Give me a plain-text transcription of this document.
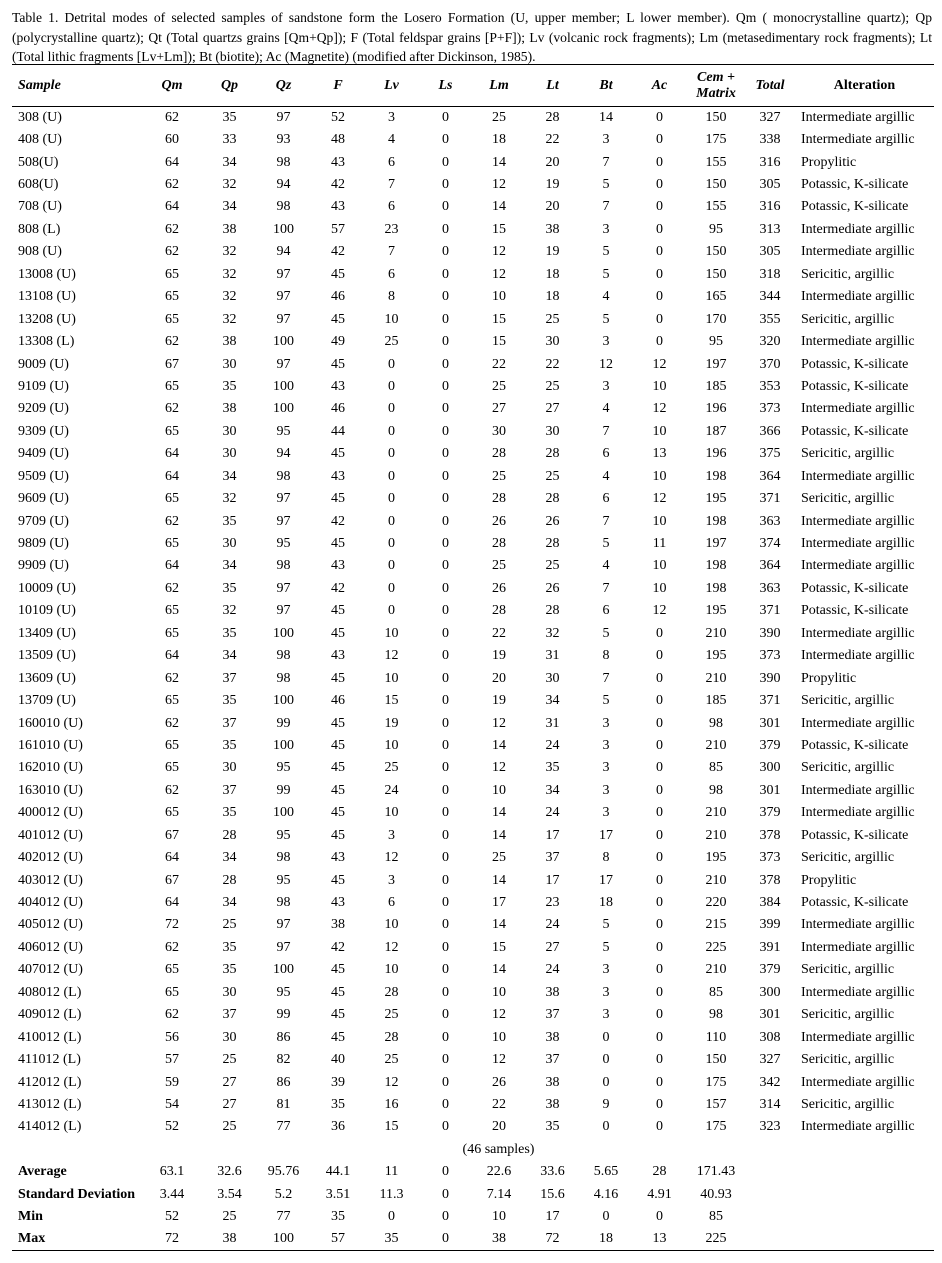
Table 1. Detrital modes of selected samples of sandstone form the Losero Formation (U, upper member; L lower member). Qm ( monocrystalline quartz); Qp (polycrystalline quartz); Qt (Total quartzs grains [Qm+Qp]); F (Total feldspar grains [P+F]); Lv (volcanic rock fragments); Lm (metasedimentary rock fragments); Lt (Total lithic fragments [Lv+Lm]); Bt (biotite); Ac (Magnetite) (modified after Dickinson, 1985).
Sample	Qm	Qp	Qz	F	Lv	Ls	Lm	Lt	Bt	Ac	Cem + Matrix	Total	Alteration
308 (U)	62	35	97	52	3	0	25	28	14	0	150	327	Intermediate argillic
408 (U)	60	33	93	48	4	0	18	22	3	0	175	338	Intermediate argillic
508(U)	64	34	98	43	6	0	14	20	7	0	155	316	Propylitic
608(U)	62	32	94	42	7	0	12	19	5	0	150	305	Potassic, K-silicate
708 (U)	64	34	98	43	6	0	14	20	7	0	155	316	Potassic, K-silicate
808 (L)	62	38	100	57	23	0	15	38	3	0	95	313	Intermediate argillic
908 (U)	62	32	94	42	7	0	12	19	5	0	150	305	Intermediate argillic
13008 (U)	65	32	97	45	6	0	12	18	5	0	150	318	Sericitic, argillic
13108 (U)	65	32	97	46	8	0	10	18	4	0	165	344	Intermediate argillic
13208 (U)	65	32	97	45	10	0	15	25	5	0	170	355	Sericitic, argillic
13308 (L)	62	38	100	49	25	0	15	30	3	0	95	320	Intermediate argillic
9009 (U)	67	30	97	45	0	0	22	22	12	12	197	370	Potassic, K-silicate
9109 (U)	65	35	100	43	0	0	25	25	3	10	185	353	Potassic, K-silicate
9209 (U)	62	38	100	46	0	0	27	27	4	12	196	373	Intermediate argillic
9309 (U)	65	30	95	44	0	0	30	30	7	10	187	366	Potassic, K-silicate
9409 (U)	64	30	94	45	0	0	28	28	6	13	196	375	Sericitic, argillic
9509 (U)	64	34	98	43	0	0	25	25	4	10	198	364	Intermediate argillic
9609 (U)	65	32	97	45	0	0	28	28	6	12	195	371	Sericitic, argillic
9709 (U)	62	35	97	42	0	0	26	26	7	10	198	363	Intermediate argillic
9809 (U)	65	30	95	45	0	0	28	28	5	11	197	374	Intermediate argillic
9909 (U)	64	34	98	43	0	0	25	25	4	10	198	364	Intermediate argillic
10009 (U)	62	35	97	42	0	0	26	26	7	10	198	363	Potassic, K-silicate
10109 (U)	65	32	97	45	0	0	28	28	6	12	195	371	Potassic, K-silicate
13409 (U)	65	35	100	45	10	0	22	32	5	0	210	390	Intermediate argillic
13509 (U)	64	34	98	43	12	0	19	31	8	0	195	373	Intermediate argillic
13609 (U)	62	37	98	45	10	0	20	30	7	0	210	390	Propylitic
13709 (U)	65	35	100	46	15	0	19	34	5	0	185	371	Sericitic, argillic
160010 (U)	62	37	99	45	19	0	12	31	3	0	98	301	Intermediate argillic
161010 (U)	65	35	100	45	10	0	14	24	3	0	210	379	Potassic, K-silicate
162010 (U)	65	30	95	45	25	0	12	35	3	0	85	300	Sericitic, argillic
163010 (U)	62	37	99	45	24	0	10	34	3	0	98	301	Intermediate argillic
400012 (U)	65	35	100	45	10	0	14	24	3	0	210	379	Intermediate argillic
401012 (U)	67	28	95	45	3	0	14	17	17	0	210	378	Potassic, K-silicate
402012 (U)	64	34	98	43	12	0	25	37	8	0	195	373	Sericitic, argillic
403012 (U)	67	28	95	45	3	0	14	17	17	0	210	378	Propylitic
404012 (U)	64	34	98	43	6	0	17	23	18	0	220	384	Potassic, K-silicate
405012 (U)	72	25	97	38	10	0	14	24	5	0	215	399	Intermediate argillic
406012 (U)	62	35	97	42	12	0	15	27	5	0	225	391	Intermediate argillic
407012 (U)	65	35	100	45	10	0	14	24	3	0	210	379	Sericitic, argillic
408012 (L)	65	30	95	45	28	0	10	38	3	0	85	300	Intermediate argillic
409012 (L)	62	37	99	45	25	0	12	37	3	0	98	301	Sericitic, argillic
410012 (L)	56	30	86	45	28	0	10	38	0	0	110	308	Intermediate argillic
411012 (L)	57	25	82	40	25	0	12	37	0	0	150	327	Sericitic, argillic
412012 (L)	59	27	86	39	12	0	26	38	0	0	175	342	Intermediate argillic
413012 (L)	54	27	81	35	16	0	22	38	9	0	157	314	Sericitic, argillic
414012 (L)	52	25	77	36	15	0	20	35	0	0	175	323	Intermediate argillic
					(46 samples)								
Average	63.1	32.6	95.76	44.1	11	0	22.6	33.6	5.65	28	171.43		
Standard Deviation	3.44	3.54	5.2	3.51	11.3	0	7.14	15.6	4.16	4.91	40.93		
Min	52	25	77	35	0	0	10	17	0	0	85		
Max	72	38	100	57	35	0	38	72	18	13	225		
